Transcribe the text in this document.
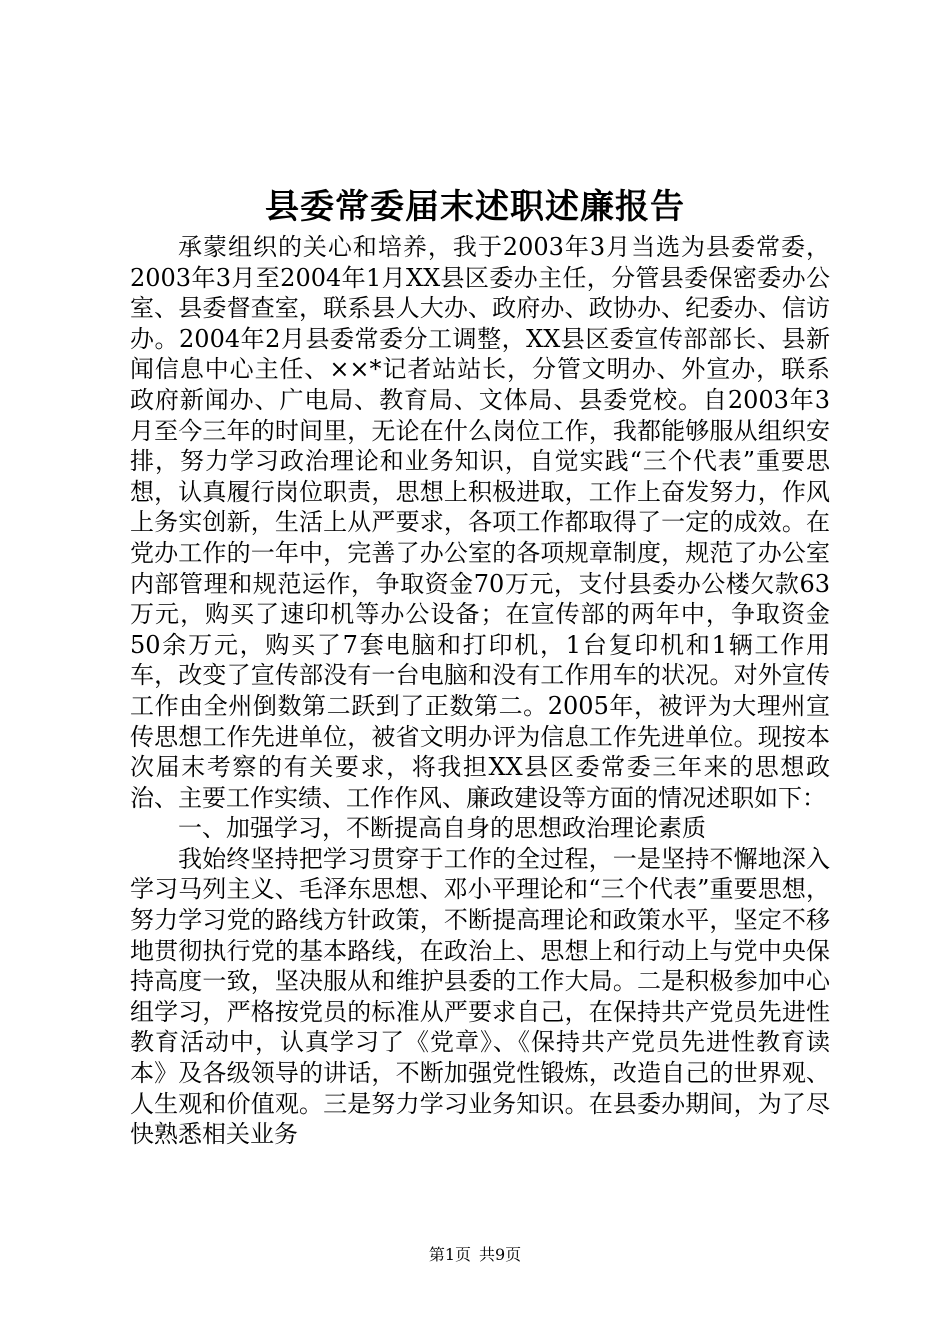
县委常委届末述职述廉报告

承蒙组织的关心和培养，我于2003年3月当选为县委常委，2003年3月至2004年1月XX县区委办主任，分管县委保密委办公室、县委督查室，联系县人大办、政府办、政协办、纪委办、信访办。2004年2月县委常委分工调整，XX县区委宣传部部长、县新闻信息中心主任、××*记者站站长，分管文明办、外宣办，联系政府新闻办、广电局、教育局、文体局、县委党校。自2003年3月至今三年的时间里，无论在什么岗位工作，我都能够服从组织安排，努力学习政治理论和业务知识，自觉实践“三个代表”重要思想，认真履行岗位职责，思想上积极进取，工作上奋发努力，作风上务实创新，生活上从严要求，各项工作都取得了一定的成效。在党办工作的一年中，完善了办公室的各项规章制度，规范了办公室内部管理和规范运作，争取资金70万元，支付县委办公楼欠款63万元，购买了速印机等办公设备；在宣传部的两年中，争取资金50余万元，购买了7套电脑和打印机，1台复印机和1辆工作用车，改变了宣传部没有一台电脑和没有工作用车的状况。对外宣传工作由全州倒数第二跃到了正数第二。2005年，被评为大理州宣传思想工作先进单位，被省文明办评为信息工作先进单位。现按本次届末考察的有关要求，将我担XX县区委常委三年来的思想政治、主要工作实绩、工作作风、廉政建设等方面的情况述职如下：

一、加强学习，不断提高自身的思想政治理论素质

我始终坚持把学习贯穿于工作的全过程，一是坚持不懈地深入学习马列主义、毛泽东思想、邓小平理论和“三个代表”重要思想，努力学习党的路线方针政策，不断提高理论和政策水平，坚定不移地贯彻执行党的基本路线，在政治上、思想上和行动上与党中央保持高度一致，坚决服从和维护县委的工作大局。二是积极参加中心组学习，严格按党员的标准从严要求自己，在保持共产党员先进性教育活动中，认真学习了《党章》、《保持共产党员先进性教育读本》及各级领导的讲话，不断加强党性锻炼，改造自己的世界观、人生观和价值观。三是努力学习业务知识。在县委办期间，为了尽快熟悉相关业务

第1页 共9页
